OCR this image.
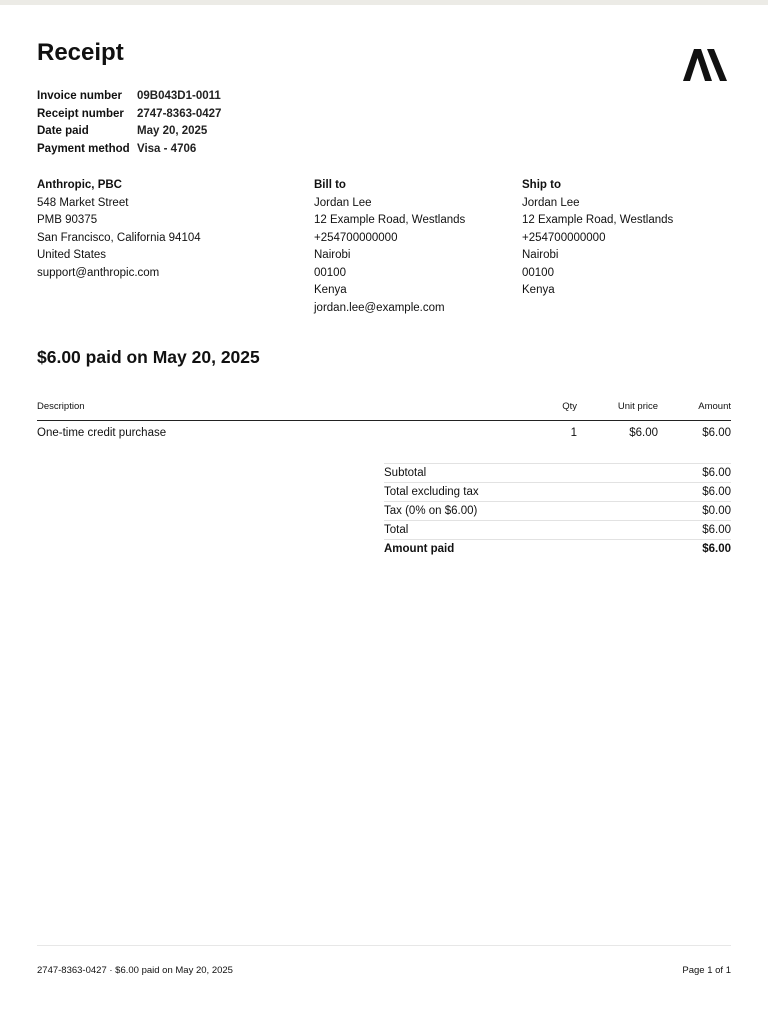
Receipt
Invoice number	09B043D1-0011
Receipt number	2747-8363-0427
Date paid	May 20, 2025
Payment method Visa - 4706
Anthropic, PBC
548 Market Street
PMB 90375
San Francisco, California 94104
United States
support@anthropic.com
Bill to
Jordan Lee
12 Example Road, Westlands
+254700000000
Nairobi
00100
Kenya
jordan.lee@example.com
Ship to
Jordan Lee
12 Example Road, Westlands
+254700000000
Nairobi
00100
Kenya
$6.00 paid on May 20, 2025
Description	Qty	Unit price	Amount
One-time credit purchase	1	$6.00	$6.00
Subtotal	$6.00
Total excluding tax	$6.00
Tax (0% on $6.00)	$0.00
Total	$6.00
Amount paid	$6.00
2747-8363-0427 · $6.00 paid on May 20, 2025	Page 1 of 1
